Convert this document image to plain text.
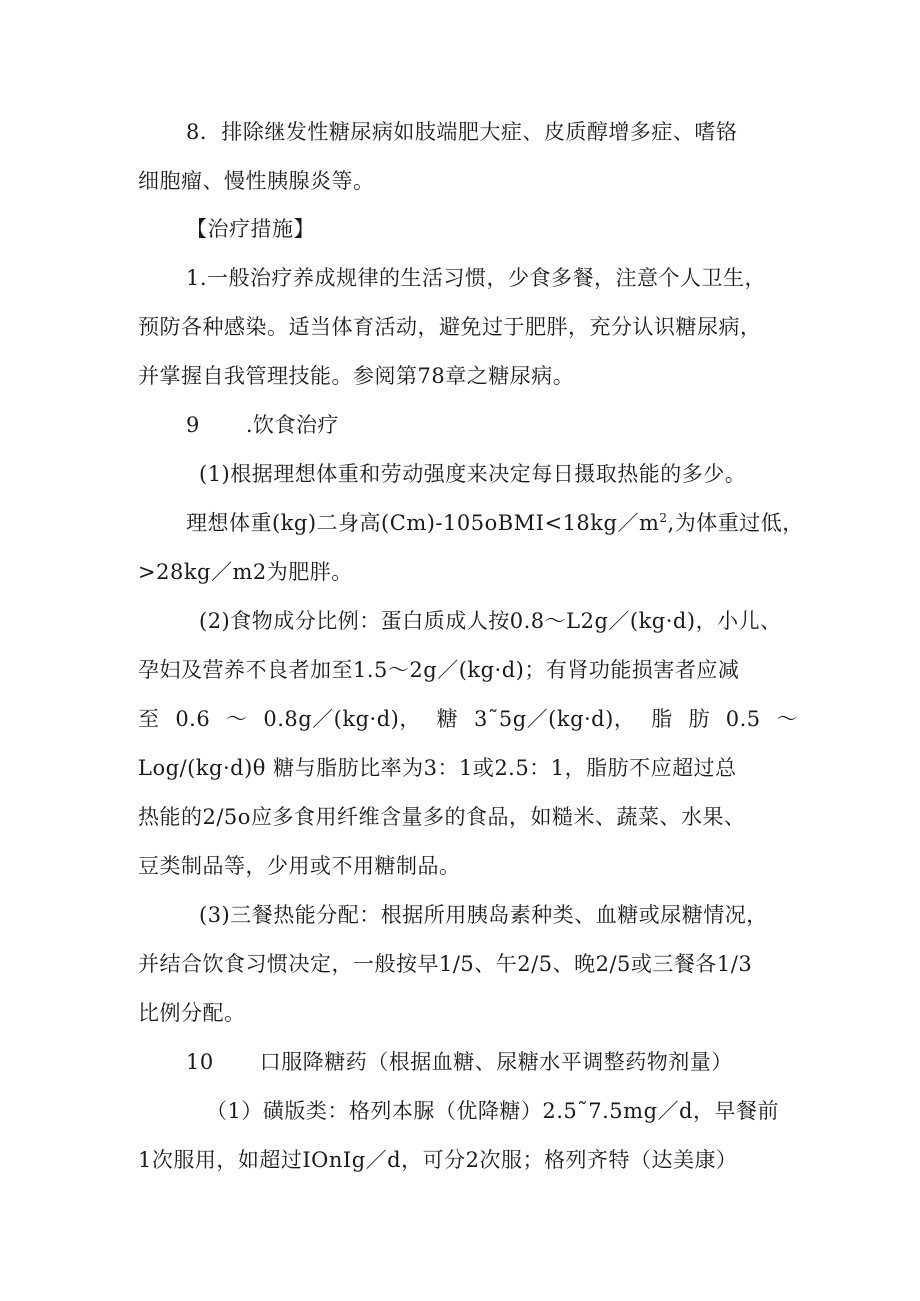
8．排除继发性糖尿病如肢端肥大症、皮质醇增多症、嗜铬
细胞瘤、慢性胰腺炎等。
【治疗措施】
1.一般治疗养成规律的生活习惯，少食多餐，注意个人卫生，
预防各种感染。适当体育活动，避免过于肥胖，充分认识糖尿病，
并掌握自我管理技能。参阅第78章之糖尿病。
9 .饮食治疗
(1)根据理想体重和劳动强度来决定每日摄取热能的多少。
理想体重(kg)二身高$(Cm)-105oBMI<18kg/m^2$,为体重过低，
>28kg／m2为肥胖。
(2)食物成分比例：蛋白质成人按0.8～L2g／(kg·d)，小儿、
孕妇及营养不良者加至1.5～2g／(kg·d)；有肾功能损害者应减
至 0.6 ～ 0.8g／(kg·d)， 糖 3˜5g／(kg·d)， 脂 肪 0.5 ～
Log/(kg·d)θ 糖与脂肪比率为3：1或2.5：1，脂肪不应超过总
热能的2/5o应多食用纤维含量多的食品，如糙米、蔬菜、水果、
豆类制品等，少用或不用糖制品。
(3)三餐热能分配：根据所用胰岛素种类、血糖或尿糖情况，
并结合饮食习惯决定，一般按早1/5、午2/5、晚2/5或三餐各1/3
比例分配。
10 口服降糖药（根据血糖、尿糖水平调整药物剂量）
（1）磺版类：格列本脲（优降糖）2.5˜7.5mg／d，早餐前
1次服用，如超过IOnIg／d，可分2次服；格列齐特（达美康）
